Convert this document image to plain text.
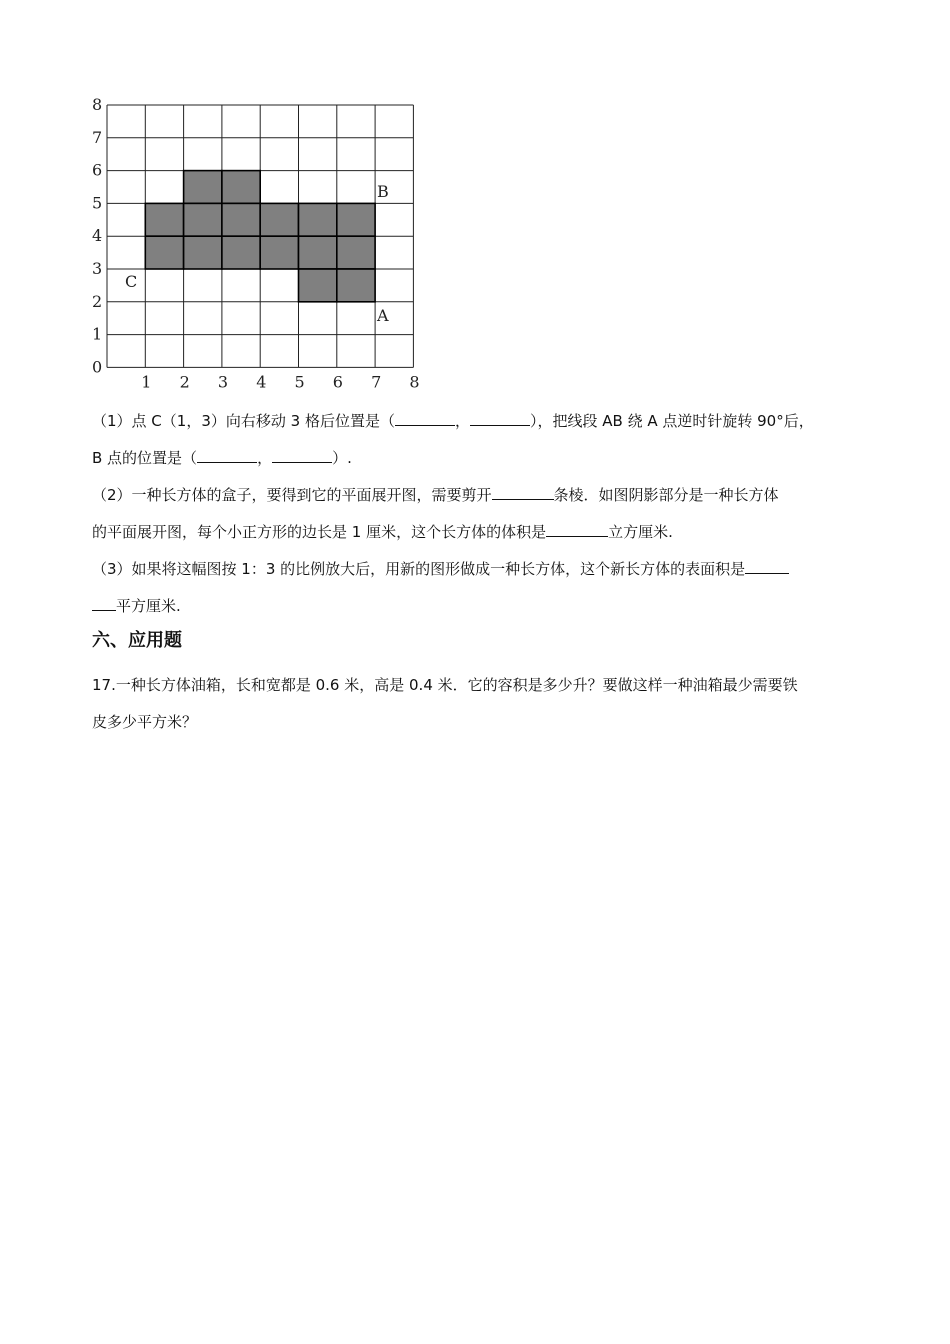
1 2 3 4 5 6 7 8
0
1
2
3
4
5
6
7
8
B
C
A

（1）点 C（1，3）向右移动 3 格后位置是（	，	），把线段 AB 绕 A 点逆时针旋转 90°后，
B 点的位置是（	，	）.

（2）一种长方体的盒子，要得到它的平面展开图，需要剪开	条棱．如图阴影部分是一种长方体
的平面展开图，每个小正方形的边长是 1 厘米，这个长方体的体积是	立方厘米.

（3）如果将这幅图按 1：3 的比例放大后，用新的图形做成一种长方体，这个新长方体的表面积是
平方厘米.

六、应用题

17.一种长方体油箱，长和宽都是 0.6 米，高是 0.4 米．它的容积是多少升？要做这样一种油箱最少需要铁
皮多少平方米？
